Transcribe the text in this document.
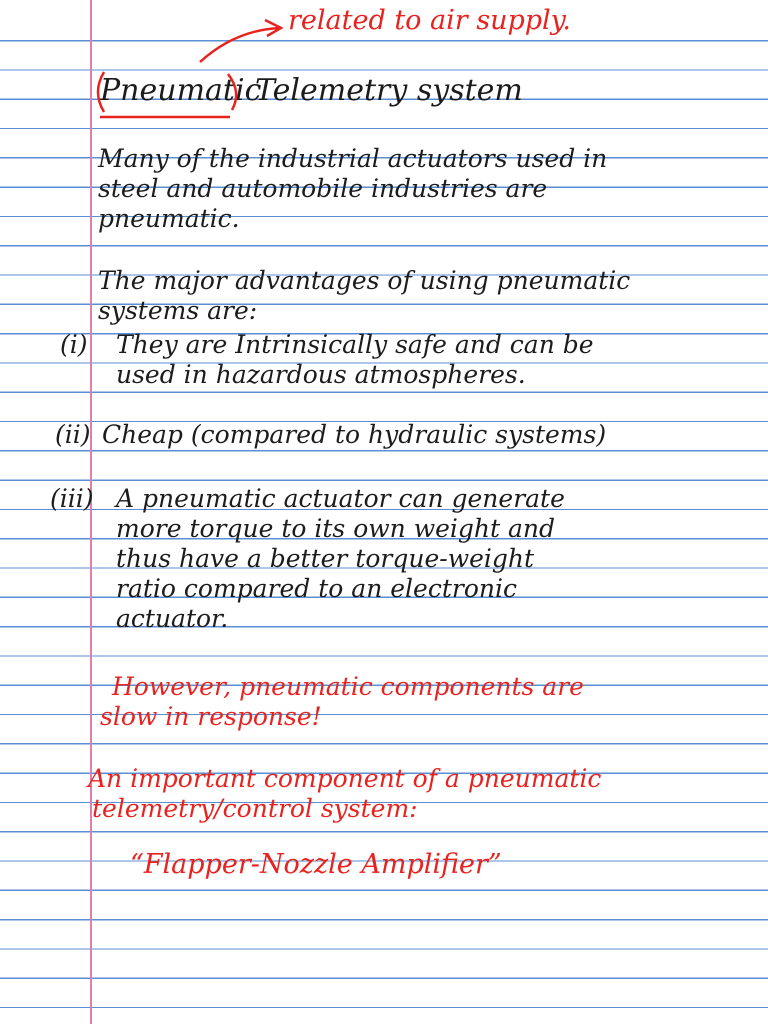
related to air supply.

Pneumatic

Telemetry system

Many of the industrial actuators used in

steel and automobile industries are

pneumatic.

The major advantages of using pneumatic

systems are:

(i) They are Intrinsically safe and can be

used in hazardous atmospheres.

(ii) Cheap (compared to hydraulic systems)

(iii) A pneumatic actuator can generate

more torque to its own weight and

thus have a better torque-weight

ratio compared to an electronic

actuator.

However, pneumatic components are

slow in response!

An important component of a pneumatic

telemetry/control system:

“Flapper-Nozzle Amplifier”
